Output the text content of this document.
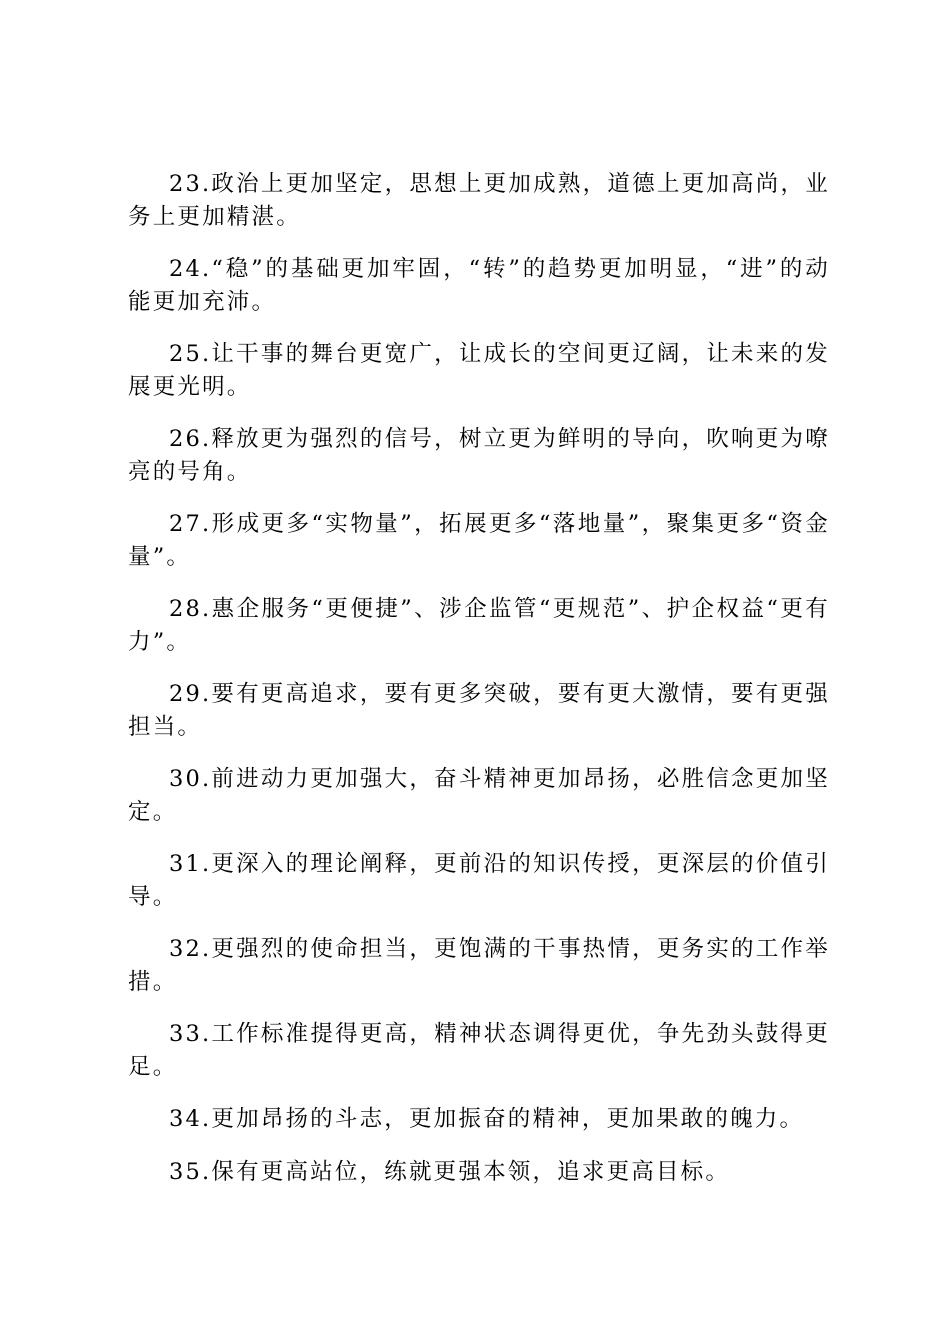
23.政治上更加坚定，思想上更加成熟，道德上更加高尚，业务上更加精湛。

24.“稳”的基础更加牢固，“转”的趋势更加明显，“进”的动能更加充沛。

25.让干事的舞台更宽广，让成长的空间更辽阔，让未来的发展更光明。

26.释放更为强烈的信号，树立更为鲜明的导向，吹响更为嘹亮的号角。

27.形成更多“实物量”，拓展更多“落地量”，聚集更多“资金量”。

28.惠企服务“更便捷”、涉企监管“更规范”、护企权益“更有力”。

29.要有更高追求，要有更多突破，要有更大激情，要有更强担当。

30.前进动力更加强大，奋斗精神更加昂扬，必胜信念更加坚定。

31.更深入的理论阐释，更前沿的知识传授，更深层的价值引导。

32.更强烈的使命担当，更饱满的干事热情，更务实的工作举措。

33.工作标准提得更高，精神状态调得更优，争先劲头鼓得更足。

34.更加昂扬的斗志，更加振奋的精神，更加果敢的魄力。

35.保有更高站位，练就更强本领，追求更高目标。
